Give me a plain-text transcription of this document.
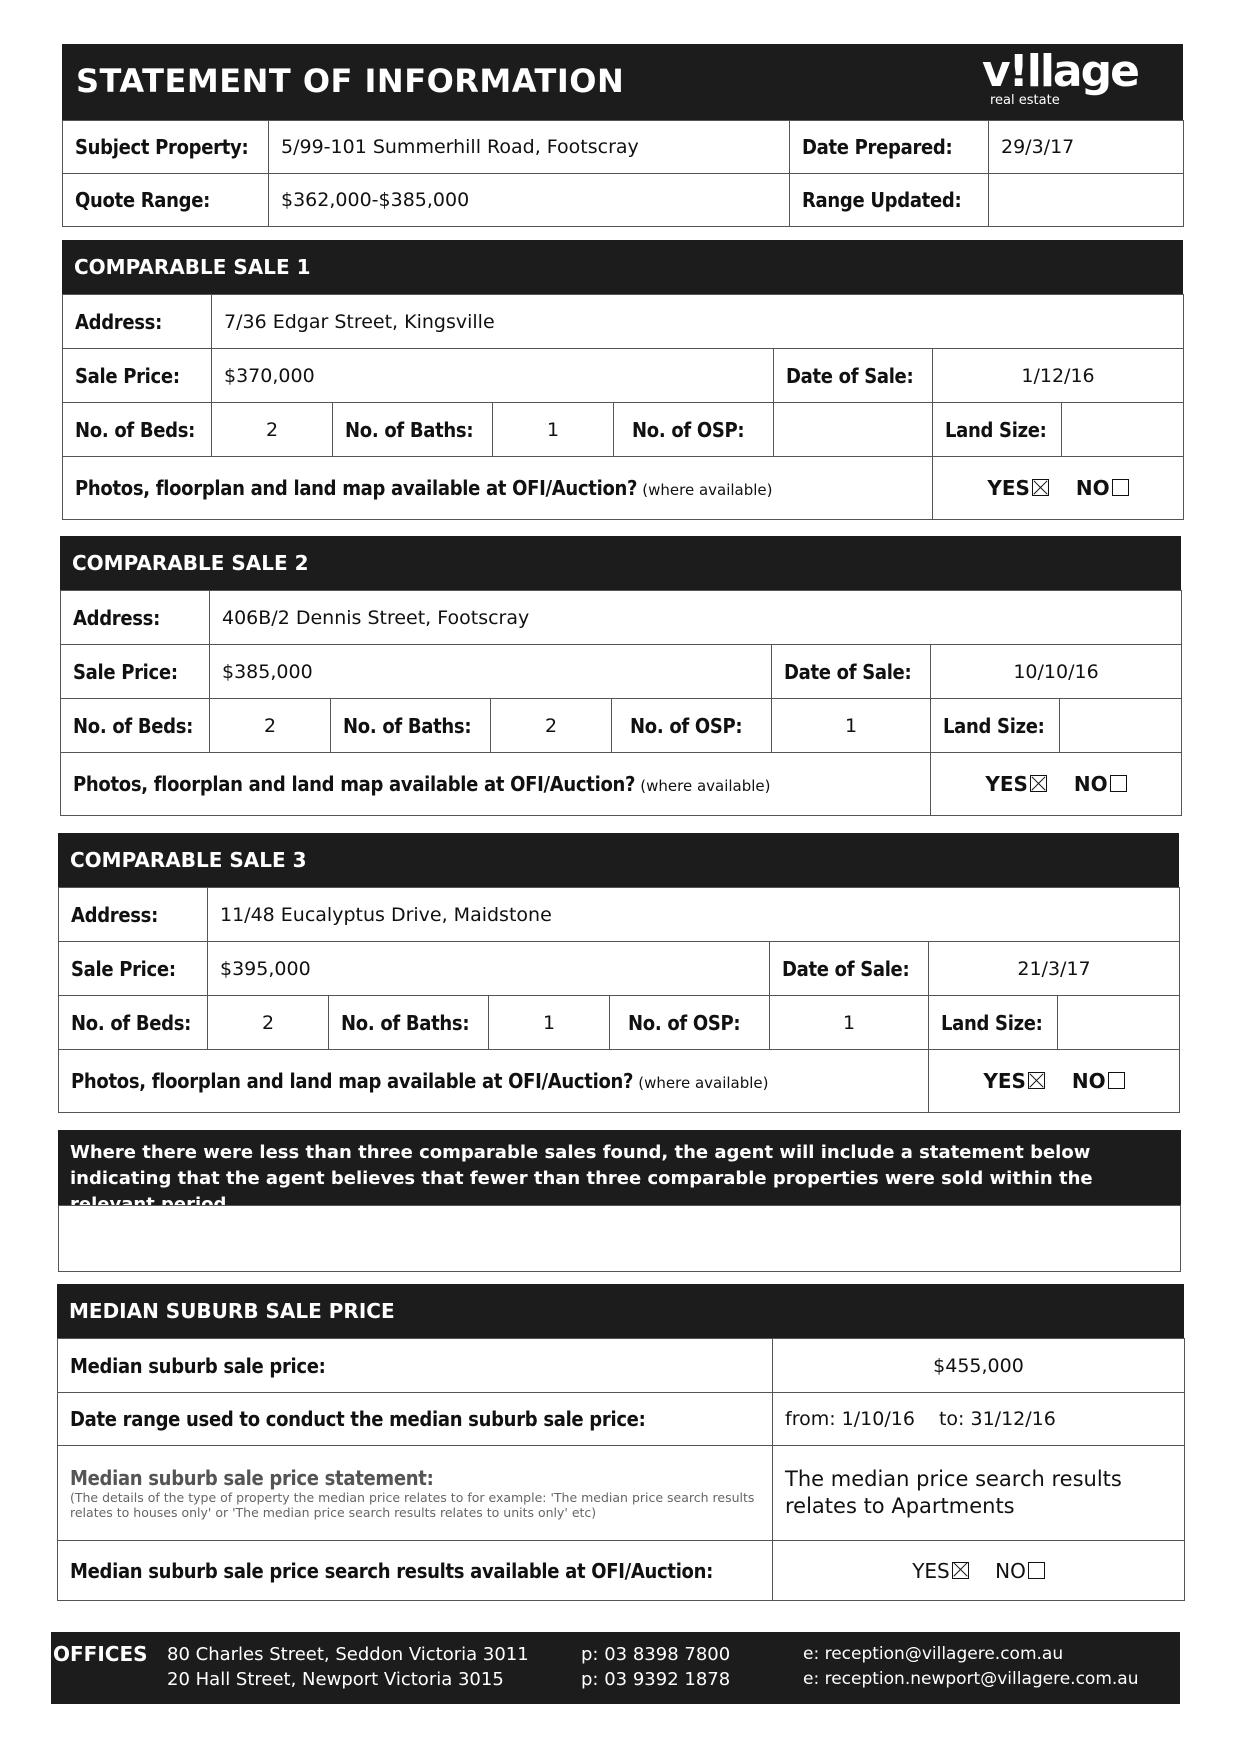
STATEMENT OF INFORMATION	v!llage
real estate
Subject Property:	5/99-101 Summerhill Road, Footscray	Date Prepared:	29/3/17
Quote Range:	$362,000-$385,000	Range Updated:	
COMPARABLE SALE 1
Address:	7/36 Edgar Street, Kingsville						
Sale Price:	$370,000				Date of Sale:	1/12/16	
No. of Beds:	2	No. of Baths:	1	No. of OSP:		Land Size:	
Photos, floorplan and land map available at OFI/Auction? (where available)						YES NO	
COMPARABLE SALE 2
Address:	406B/2 Dennis Street, Footscray						
Sale Price:	$385,000				Date of Sale:	10/10/16	
No. of Beds:	2	No. of Baths:	2	No. of OSP:	1	Land Size:	
Photos, floorplan and land map available at OFI/Auction? (where available)						YES NO	
COMPARABLE SALE 3
Address:	11/48 Eucalyptus Drive, Maidstone						
Sale Price:	$395,000				Date of Sale:	21/3/17	
No. of Beds:	2	No. of Baths:	1	No. of OSP:	1	Land Size:	
Photos, floorplan and land map available at OFI/Auction? (where available)						YES NO	
Where there were less than three comparable sales found, the agent will include a statement below indicating that the agent believes that fewer than three comparable properties were sold within the relevant period.
MEDIAN SUBURB SALE PRICE
Median suburb sale price:	$455,000
Date range used to conduct the median suburb sale price:	from: 1/10/16 to: 31/12/16

Median suburb sale price statement:
(The details of the type of property the median price relates to for example: 'The median price search results relates to houses only' or 'The median price search results relates to units only' etc)	The median price search results relates to Apartments
Median suburb sale price search results available at OFI/Auction:	YES NO
OFFICES 80 Charles Street, Seddon Victoria 3011
20 Hall Street, Newport Victoria 3015
p: 03 8398 7800
p: 03 9392 1878
e: reception@villagere.com.au
e: reception.newport@villagere.com.au
